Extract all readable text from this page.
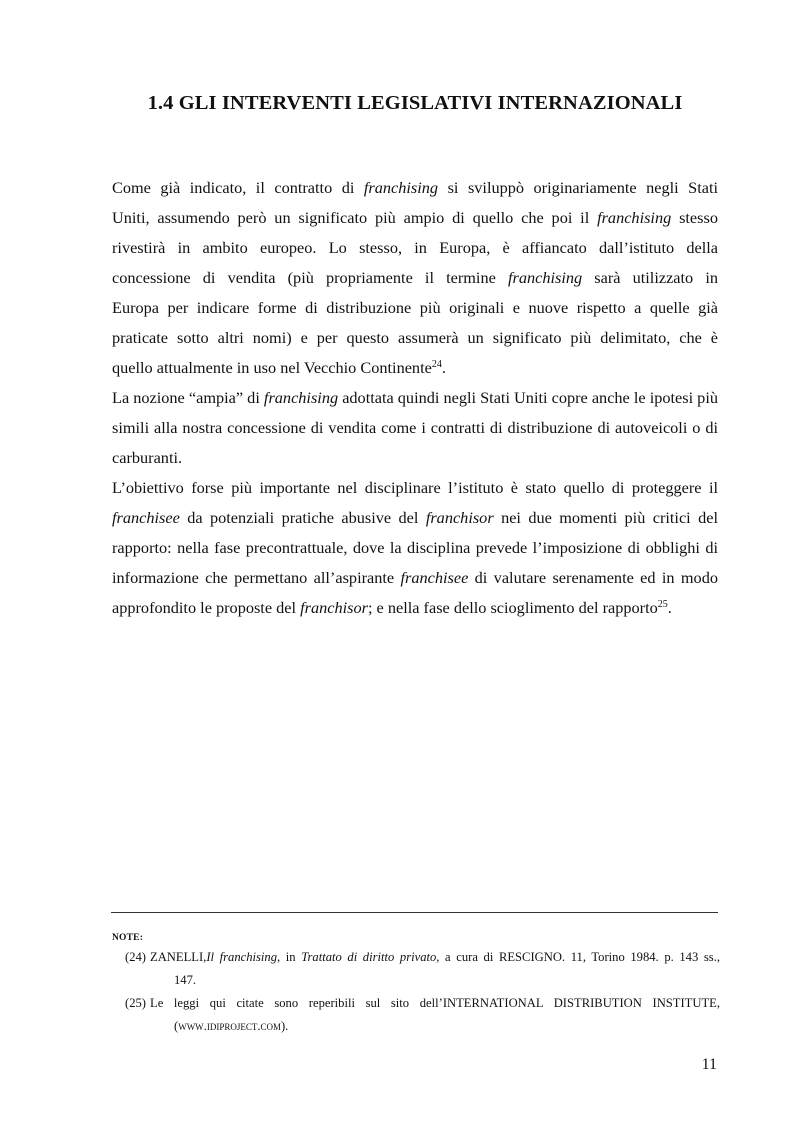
1.4 GLI INTERVENTI LEGISLATIVI INTERNAZIONALI

Come già indicato, il contratto di franchising si sviluppò originariamente negli Stati

Uniti, assumendo però un significato più ampio di quello che poi il franchising stesso

rivestirà in ambito europeo. Lo stesso, in Europa, è affiancato dall’istituto della

concessione di vendita (più propriamente il termine franchising sarà utilizzato in

Europa per indicare forme di distribuzione più originali e nuove rispetto a quelle già

praticate sotto altri nomi) e per questo assumerà un significato più delimitato, che è

quello attualmente in uso nel Vecchio Continente$^{24}$.

La nozione “ampia” di franchising adottata quindi negli Stati Uniti copre anche le ipotesi più simili alla nostra concessione di vendita come i contratti di distribuzione di autoveicoli o di carburanti.

L’obiettivo forse più importante nel disciplinare l’istituto è stato quello di proteggere il franchisee da potenziali pratiche abusive del franchisor nei due momenti più critici del rapporto: nella fase precontrattuale, dove la disciplina prevede l’imposizione di obblighi di informazione che permettano all’aspirante franchisee di valutare serenamente ed in modo approfondito le proposte del franchisor; e nella fase dello scioglimento del rapporto$^{25}$.

NOTE:
(24) ZANELLI,Il franchising, in Trattato di diritto privato, a cura di RESCIGNO. 11, Torino 1984. p. 143 ss.,
147.
(25) Le leggi qui citate sono reperibili sul sito dell’INTERNATIONAL DISTRIBUTION INSTITUTE,
(www.idiproject.com).
11
